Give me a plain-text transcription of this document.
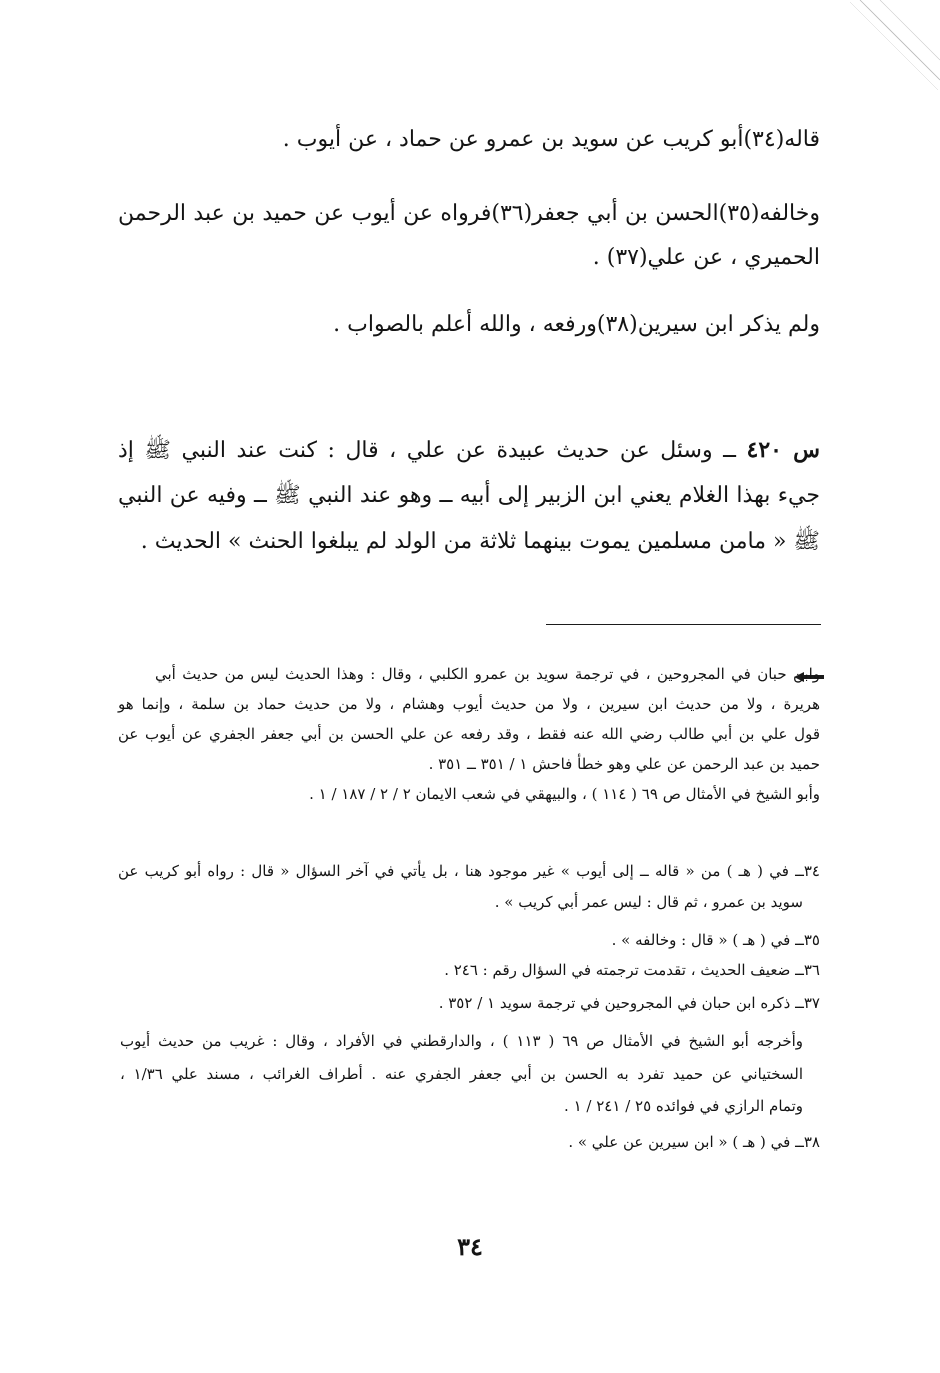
قاله(٣٤)أبو كريب عن سويد بن عمرو عن حماد ، عن أيوب .
وخالفه(٣٥)الحسن بن أبي جعفر(٣٦)فرواه عن أيوب عن حميد بن عبد الرحمن
الحميري ، عن علي(٣٧) .
ولم يذكر ابن سيرين(٣٨)ورفعه ، والله أعلم بالصواب .
س ٤٢٠ ــ وسئل عن حديث عبيدة عن علي ، قال : كنت عند النبي ﷺ إذ
جيء بهذا الغلام يعني ابن الزبير إلى أبيه ــ وهو عند النبي ﷺ ــ وفيه عن النبي
ﷺ « مامن مسلمين يموت بينهما ثلاثة من الولد لم يبلغوا الحنث » الحديث .
وابن حبان في المجروحين ، في ترجمة سويد بن عمرو الكلبي ، وقال : وهذا الحديث ليس من حديث أبي
هريرة ، ولا من حديث ابن سيرين ، ولا من حديث أيوب وهشام ، ولا من حديث حماد بن سلمة ، وإنما هو
قول علي بن أبي طالب رضي الله عنه فقط ، وقد رفعه عن علي الحسن بن أبي جعفر الجفري عن أيوب عن
حميد بن عبد الرحمن عن علي وهو خطأ فاحش ١ / ٣٥١ ــ ٣٥١ .
وأبو الشيخ في الأمثال ص ٦٩ ( ١١٤ ) ، والبيهقي في شعب الايمان ٢ / ٢ / ١٨٧ / ١ .
٣٤ــ في ( هـ ) من « قاله ــ إلى أيوب » غير موجود هنا ، بل يأتي في آخر السؤال « قال : رواه أبو كريب عن
سويد بن عمرو ، ثم قال : ليس عمر أبي كريب » .
٣٥ــ في ( هـ ) « قال : وخالفه » .
٣٦ــ ضعيف الحديث ، تقدمت ترجمته في السؤال رقم : ٢٤٦ .
٣٧ــ ذكره ابن حبان في المجروحين في ترجمة سويد ١ / ٣٥٢ .
وأخرجه أبو الشيخ في الأمثال ص ٦٩ ( ١١٣ ) ، والدارقطني في الأفراد ، وقال : غريب من حديث أيوب
السختياني عن حميد تفرد به الحسن بن أبي جعفر الجفري عنه . أطراف الغرائب ، مسند علي ١/٣٦ ،
وتمام الرازي في فوائده ٢٥ / ٢٤١ / ١ .
٣٨ــ في ( هـ ) « ابن سيرين عن علي » .
٣٤
